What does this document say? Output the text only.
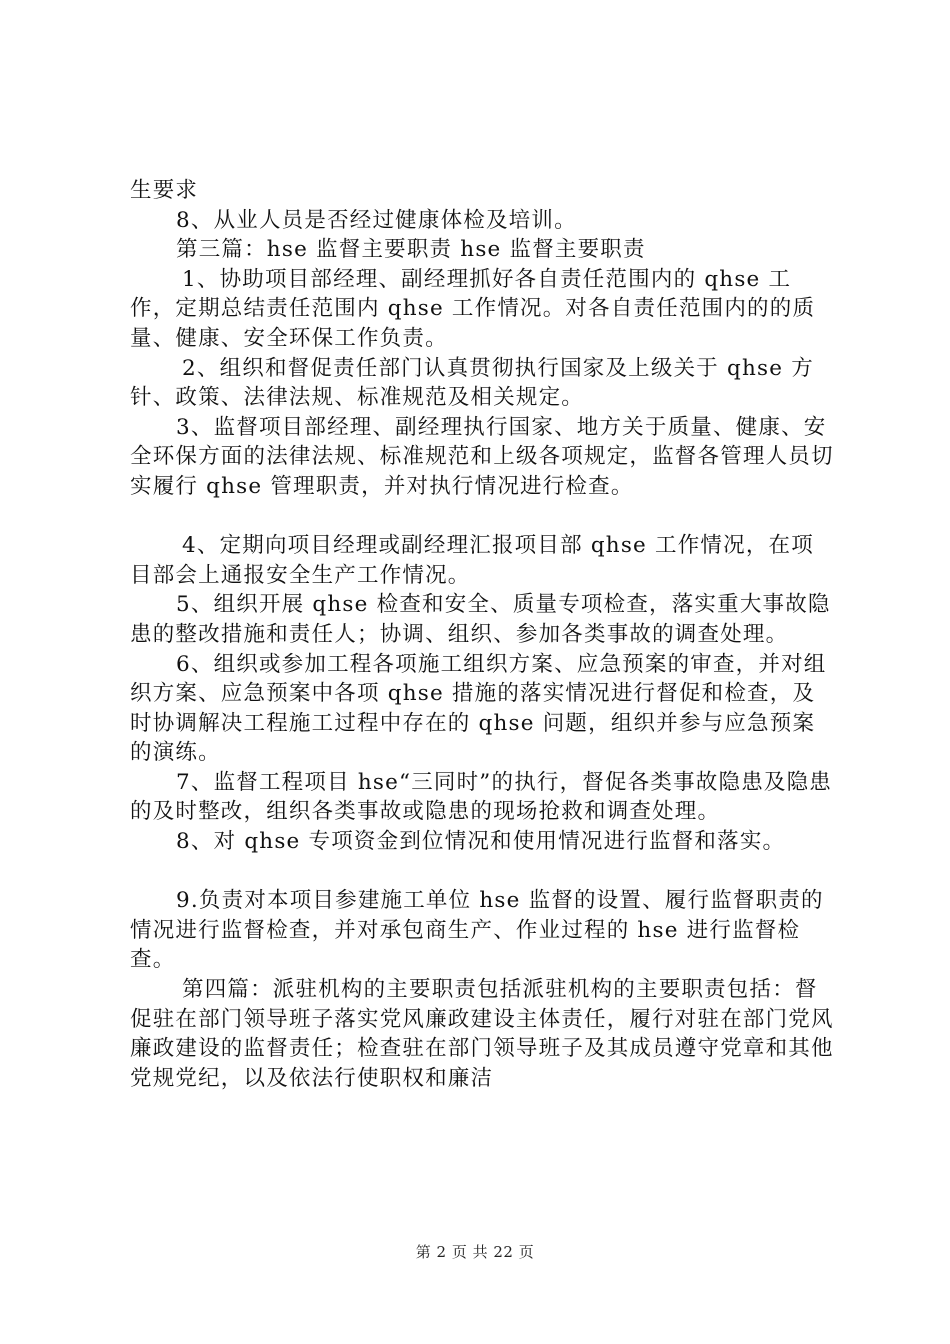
生要求

8、从业人员是否经过健康体检及培训。

第三篇：hse 监督主要职责 hse 监督主要职责

1、协助项目部经理、副经理抓好各自责任范围内的 qhse 工作，定期总结责任范围内 qhse 工作情况。对各自责任范围内的的质量、健康、安全环保工作负责。

2、组织和督促责任部门认真贯彻执行国家及上级关于 qhse 方针、政策、法律法规、标准规范及相关规定。

3、监督项目部经理、副经理执行国家、地方关于质量、健康、安全环保方面的法律法规、标准规范和上级各项规定，监督各管理人员切实履行 qhse 管理职责，并对执行情况进行检查。

4、定期向项目经理或副经理汇报项目部 qhse 工作情况，在项目部会上通报安全生产工作情况。

5、组织开展 qhse 检查和安全、质量专项检查，落实重大事故隐患的整改措施和责任人；协调、组织、参加各类事故的调查处理。

6、组织或参加工程各项施工组织方案、应急预案的审查，并对组织方案、应急预案中各项 qhse 措施的落实情况进行督促和检查，及时协调解决工程施工过程中存在的 qhse 问题，组织并参与应急预案的演练。

7、监督工程项目 hse“三同时”的执行，督促各类事故隐患及隐患的及时整改，组织各类事故或隐患的现场抢救和调查处理。

8、对 qhse 专项资金到位情况和使用情况进行监督和落实。

9.负责对本项目参建施工单位 hse 监督的设置、履行监督职责的情况进行监督检查，并对承包商生产、作业过程的 hse 进行监督检查。

第四篇：派驻机构的主要职责包括派驻机构的主要职责包括：督促驻在部门领导班子落实党风廉政建设主体责任，履行对驻在部门党风廉政建设的监督责任；检查驻在部门领导班子及其成员遵守党章和其他党规党纪，以及依法行使职权和廉洁

第 2 页 共 22 页
